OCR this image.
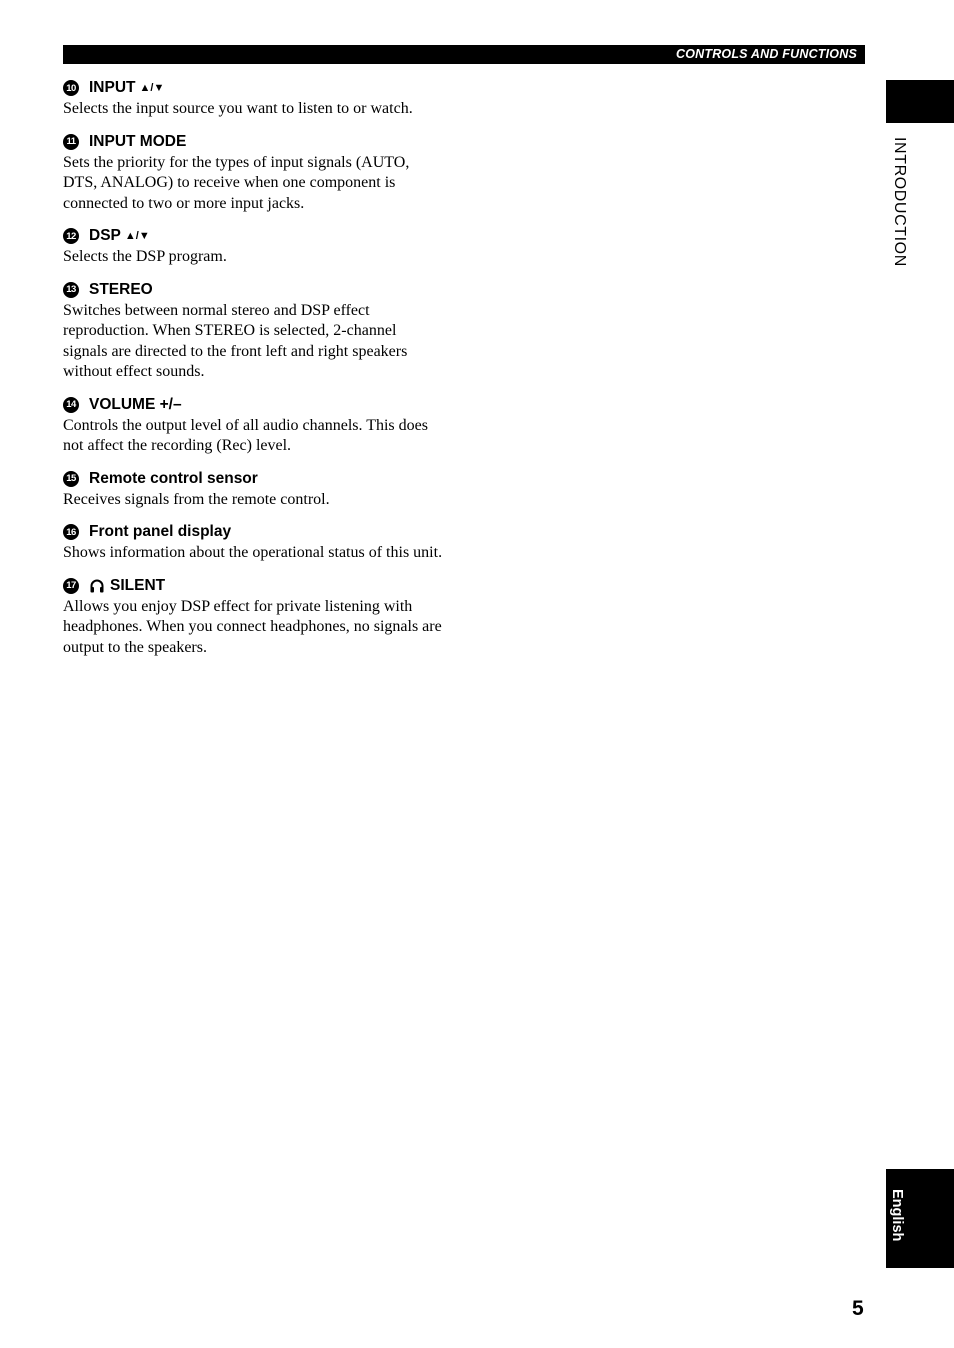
CONTROLS AND FUNCTIONS
INTRODUCTION
English
5
10 INPUT ▲/▼
Selects the input source you want to listen to or watch.
11 INPUT MODE
Sets the priority for the types of input signals (AUTO, DTS, ANALOG) to receive when one component is connected to two or more input jacks.
12 DSP ▲/▼
Selects the DSP program.
13 STEREO
Switches between normal stereo and DSP effect reproduction. When STEREO is selected, 2-channel signals are directed to the front left and right speakers without effect sounds.
14 VOLUME +/–
Controls the output level of all audio channels. This does not affect the recording (Rec) level.
15 Remote control sensor
Receives signals from the remote control.
16 Front panel display
Shows information about the operational status of this unit.
17 SILENT
Allows you enjoy DSP effect for private listening with headphones. When you connect headphones, no signals are output to the speakers.
